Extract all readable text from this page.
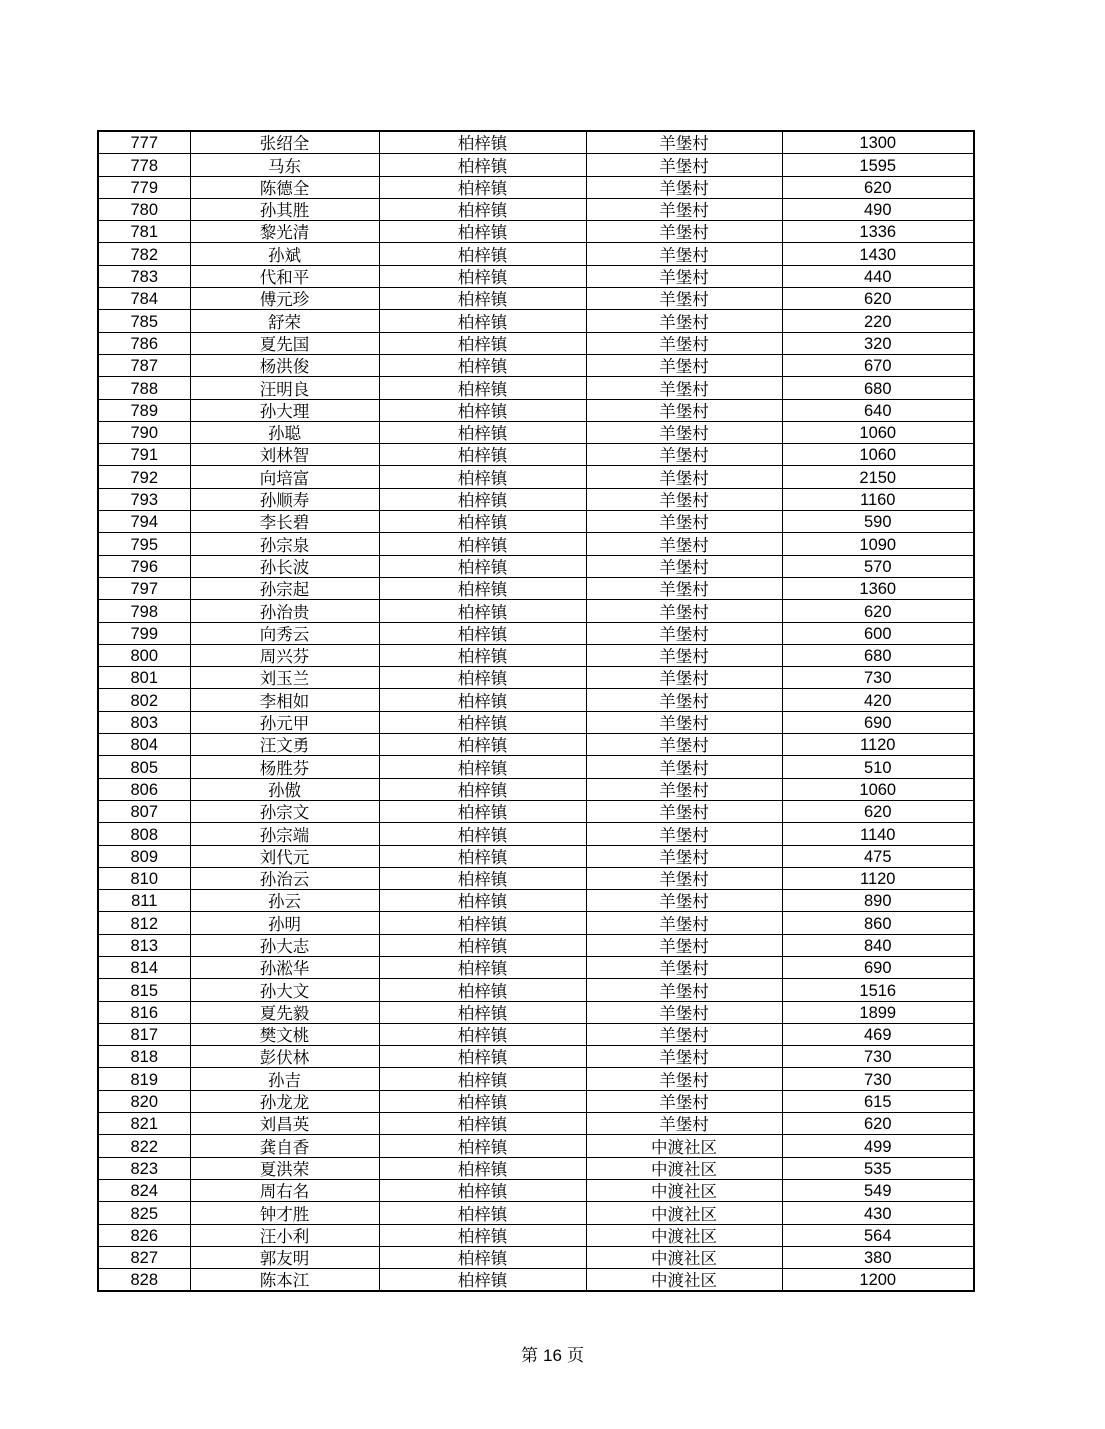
777	张绍全	柏梓镇	羊堡村	1300
778	马东	柏梓镇	羊堡村	1595
779	陈德全	柏梓镇	羊堡村	620
780	孙其胜	柏梓镇	羊堡村	490
781	黎光清	柏梓镇	羊堡村	1336
782	孙斌	柏梓镇	羊堡村	1430
783	代和平	柏梓镇	羊堡村	440
784	傅元珍	柏梓镇	羊堡村	620
785	舒荣	柏梓镇	羊堡村	220
786	夏先国	柏梓镇	羊堡村	320
787	杨洪俊	柏梓镇	羊堡村	670
788	汪明良	柏梓镇	羊堡村	680
789	孙大理	柏梓镇	羊堡村	640
790	孙聪	柏梓镇	羊堡村	1060
791	刘林智	柏梓镇	羊堡村	1060
792	向培富	柏梓镇	羊堡村	2150
793	孙顺寿	柏梓镇	羊堡村	1160
794	李长碧	柏梓镇	羊堡村	590
795	孙宗泉	柏梓镇	羊堡村	1090
796	孙长波	柏梓镇	羊堡村	570
797	孙宗起	柏梓镇	羊堡村	1360
798	孙治贵	柏梓镇	羊堡村	620
799	向秀云	柏梓镇	羊堡村	600
800	周兴芬	柏梓镇	羊堡村	680
801	刘玉兰	柏梓镇	羊堡村	730
802	李相如	柏梓镇	羊堡村	420
803	孙元甲	柏梓镇	羊堡村	690
804	汪文勇	柏梓镇	羊堡村	1120
805	杨胜芬	柏梓镇	羊堡村	510
806	孙傲	柏梓镇	羊堡村	1060
807	孙宗文	柏梓镇	羊堡村	620
808	孙宗端	柏梓镇	羊堡村	1140
809	刘代元	柏梓镇	羊堡村	475
810	孙治云	柏梓镇	羊堡村	1120
811	孙云	柏梓镇	羊堡村	890
812	孙明	柏梓镇	羊堡村	860
813	孙大志	柏梓镇	羊堡村	840
814	孙淞华	柏梓镇	羊堡村	690
815	孙大文	柏梓镇	羊堡村	1516
816	夏先毅	柏梓镇	羊堡村	1899
817	樊文桃	柏梓镇	羊堡村	469
818	彭伏林	柏梓镇	羊堡村	730
819	孙吉	柏梓镇	羊堡村	730
820	孙龙龙	柏梓镇	羊堡村	615
821	刘昌英	柏梓镇	羊堡村	620
822	龚自香	柏梓镇	中渡社区	499
823	夏洪荣	柏梓镇	中渡社区	535
824	周右名	柏梓镇	中渡社区	549
825	钟才胜	柏梓镇	中渡社区	430
826	汪小利	柏梓镇	中渡社区	564
827	郭友明	柏梓镇	中渡社区	380
828	陈本江	柏梓镇	中渡社区	1200
第 16 页
